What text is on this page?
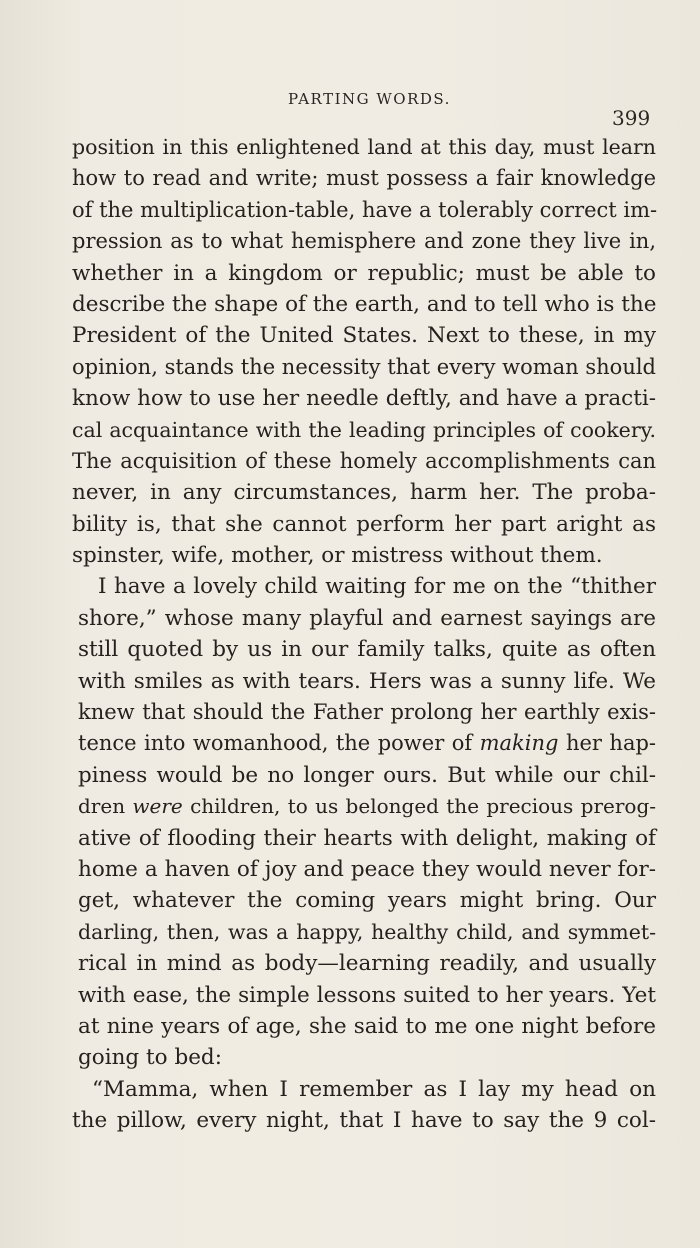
PARTING WORDS.
399
position in this enlightened land at this day, must learn
how to read and write; must possess a fair knowledge
of the multiplication-table, have a tolerably correct im-
pression as to what hemisphere and zone they live in,
whether in a kingdom or republic; must be able to
describe the shape of the earth, and to tell who is the
President of the United States. Next to these, in my
opinion, stands the necessity that every woman should
know how to use her needle deftly, and have a practi-
cal acquaintance with the leading principles of cookery.
The acquisition of these homely accomplishments can
never, in any circumstances, harm her. The proba-
bility is, that she cannot perform her part aright as
spinster, wife, mother, or mistress without them.
I have a lovely child waiting for me on the “thither
shore,” whose many playful and earnest sayings are
still quoted by us in our family talks, quite as often
with smiles as with tears. Hers was a sunny life. We
knew that should the Father prolong her earthly exis-
tence into womanhood, the power of making her hap-
piness would be no longer ours. But while our chil-
dren were children, to us belonged the precious prerog-
ative of flooding their hearts with delight, making of
home a haven of joy and peace they would never for-
get, whatever the coming years might bring. Our
darling, then, was a happy, healthy child, and symmet-
rical in mind as body—learning readily, and usually
with ease, the simple lessons suited to her years. Yet
at nine years of age, she said to me one night before
going to bed:
“Mamma, when I remember as I lay my head on
the pillow, every night, that I have to say the 9 col-
